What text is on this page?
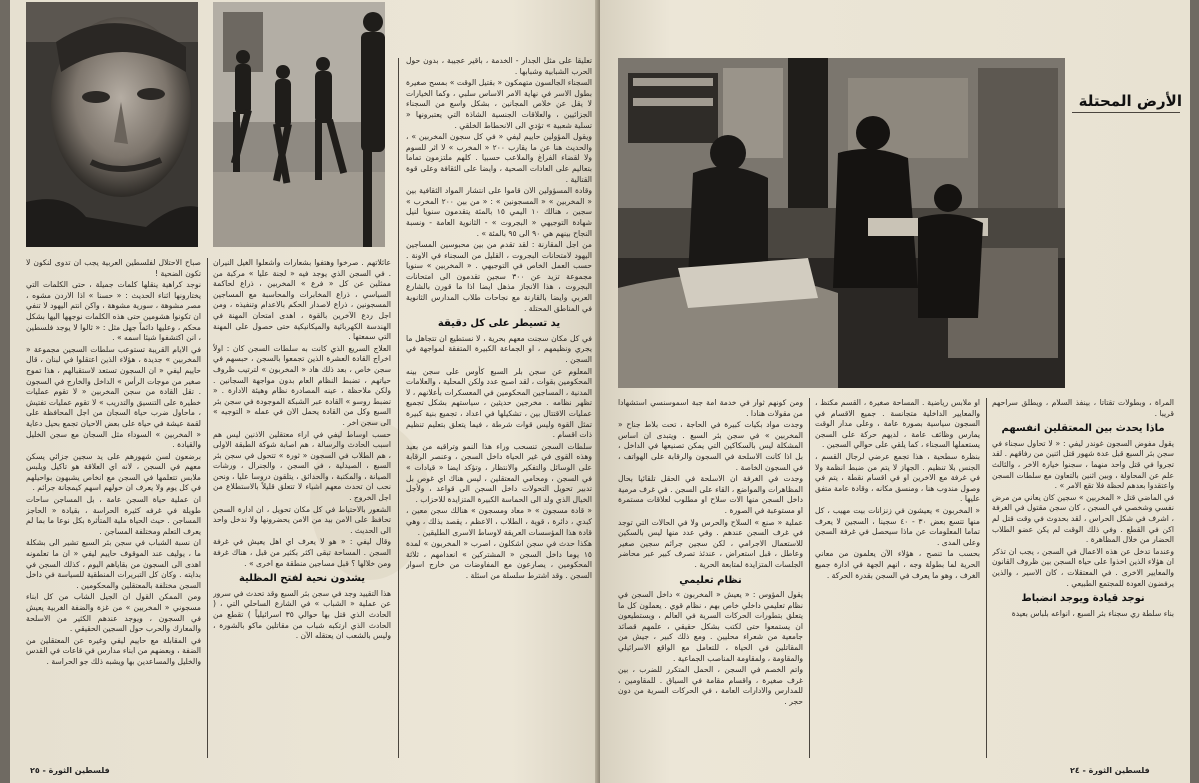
صباح الاحتلال لفلسطين العربية يجب ان تدوى لنكون لا تكون الضحية !

نوجد كراهية ينقلها كلمات جميلة ، حتى الكلمات التي يختارونها اثناء الحديث : « حسنا » اذا الاردن مشوه ، مصر مشوهة ، سورية مشوهة ، واكن انتم اليهود لا تنفي ان تكونوا هشومين حتى هذه الكلمات نوجهها اليها بشكل محكم ، وعليها دائماً جهل مثل : « ثالوا لا يوجد فلسطين ، انن اكتشفوا شيئا اسمه » .

في الايام القريبة تستوعب سلطات السجين مجموعة « المخربين » جديدة ، هؤلاء الذين اعتقلوا في لبنان ، قال حاييم ليفي « ان السجون تستعد لاستقبالهم ، هذا تموج صغير من موجات الرأس » الداخل والخارج في السجون . تقل القادة من سجن المخربين « لا تقوم عمليات خطيرة على التنسيق والتدريب » لا تقوم عمليات تفتيش ، ماحاول ضرب حياة السجان من اجل المحافظة على لقمة عيشة في حياة على بعض الاحيان تجمع بحيل دعاية « المخربين » السوداء مثل السجان مع سجن الخليل والقيادة .

برضعون لسن شهورهم على يد سجين جزائي يسكن معهم في السجن ، لانه اي العلاقة هو تاكيل ويلبس ملابس تتعلمها في السجن مع انخاص يشبهون بواحيلهم في كل يوم ولا يعرف ان حولهم اسهم كيمجانة جرائم .

ان عملية حياة السجن عامة ، بل المساجن ساحات طويلة في غرفه كثيرة الحراسة ، بقيادة « الحاجز المساجن . حيث الحياة ملية المتأثرة بكل نوعا ما بما لم يعرف التعلم ومختلفة المساجن .

ان نسبة الشباب في سجن بئر السبع تشير الى بشكلة ما ، يوليف عند الموقوف حاييم ليفي « ان ما تعلمونه اهدى الى السجون من بقاياهم اليوم ، كذلك السجن في بدايته . وكان كل التبريرات المنطقية للسياسة في داخل السجن مختلفة بالمعتقلين والمحكومين .

ومن الممكن القول ان الجيل الشاب من كل ابناء مسجوني « المخربين » من غزة والضفة الغربية يعيش في السجون ، ويوجد عندهم الكثير من الاسلحة والمعارك والحرب حول السجين الحقيقي .

في المقابلة مع حاييم ليفي وغيره عن المعتقلين من الضفة ، وبعضهم من ابناء مدارس في قاعات في القدس والخليل والمساعدين بها ويشبه ذلك جو الحراسة .

عائلاتهم . صرخوا وهتفوا بشعارات وأشعلوا الغيل النيران . في السجن الذي يوجد فيه « لجنة عليا » مركبة من ممثلين عن كل « فرع » المخربين ، ذراع لحاكمة السياسي ، ذراع المخابرات والمحاسبة مع المساجين المسجونين ، ذراع لاصدار الحكم بالاعدام وتنفيذه ، ومن اجل ردع الآخرين بالقوة ، اهدى امتحان المهنة في الهندسة الكهربائية والميكانيكية حتى حصول على المهنة التي سمعتها .

العلاج السريع الذي كانت به سلطات السجن كان : اولاً اخراج القادة العشرة الذين تجمعوا بالسجن ، حبسهم في سجن خاص ، بعد ذلك هاد « المخربون » لترتيب ظروف حياتهم ، تضبط النظام العام بدون مواجهة السجانين . ولكن ملاحظة ، عينه المصادرة نظام وهيئة الادارة . « تضبط روسو » القادة عبر الشبكة الموجودة في سجن بئر السبع وكل من القادة يحمل الان في عمله « التوجيه » الى سجن اخر .

حسب اوساط ليفي في اراء معتقلين الاذنين ليس هم اسبب الحادث والرسالة ، هم اصابة شوكة الطبقة الاولى ، هم الطلاب في السجون « ثورة » تتحول في سجن بئر السبع ، الصيدلية ، في السجن ، والجنرال ، ورشات الصيانة ، والمكتبة ، والحدائق ، يتلقون دروسا عليا ، ونحن نحب ان تحدث معهم اشياء لا تتعلق قليلاً بالاستطلاع من اجل الخروج .

الشعور بالاحتياط في كل مكان تحويل ، ان ادارة السجن تحافظ على الامن بيد من الامن يحضرونها ولا ندخل واحد الى الحديث .

وقال ليفي : « هو لا يعرف اي اهل يعيش في غرفة السجن . المساحة تبقى اكثر بكثير من قبل ، هناك غرفة ومن خلالها ؟ قبل مساجين منطقة مع اخرى » .

يشدون نحية لفتح المظلية

هذا التقييد وجد في سجن بئر السبع وقد تحدث في سرور عن عملية « الشباب » في الشارع الساحلي التي ، ( الحادث الذي قتل بها حوالي ٣٥ اسرائيلياً ) تقطع من الحادث الذي ارتكبه شباب من مقاتلين ماكو بالشورة ، وليس بالشعب ان يعتقله الآن .

تعليقا على مثل الجدار - الخدمة ، باقير عجيبة ، بدون حول الحرب الشبابية وشبابها .

السجناء الجالسون متهمكون « بقتيل الوقت » بمسح صغيرة بطول الاسر في نهاية الامر الاساس سلبي ، وكما الخيارات لا يقل عن خلاص المجانين ، بشكل واسع من السجناء الجزائيين ، والعلاقات الجنسية الشاذة التي يعتبرونها « تسلية شعبية » تؤدي الى الانحطاط الخلقي .

ويقول المؤولين حاييم ليفي « في كل سجون المخربين » ، والحديث هنا عن ما يقارب ٢٠٠ « المخرب » لا اثر للسوم ولا لقضاء الفراغ والملاعب حسبيا . كلهم ملتزمون تماما بتعاليم على العادات الصحية ، وايضا على الثقافة وعلى قوة القتالية .

وقادة المسؤولين الان قاموا على انتشار المواد الثقافية بين « المخربين » « المسجونين » : « من بين ٢٠٠ المخرب » سجين ، هنالك ١٠ اليمي ١٥ بالمئة يتقدمون سنويا لنيل شهادة التوجيهي « البجروت » - الثانوية العامة - ونسبة النجاح بينهم هي ٩٠ الى ٩٥ بالمئة » .

من اجل المقارنة : لقد تقدم من بين محبوسين المساجين اليهود لامتحانات البجروت ، القليل من السجناء في الاونة . حسب العمل الخاص في التوجيهي . « المخربين » سنويا مجموعة تزيد عن ٣٠٠ سجين تقدمون الى امتحانات البجروت ، هذا الانجاز مذهل ايضا اذا ما قورن بالشارع العربي وايضا بالقارنة مع نجاحات طلاب المدارس الثانوية في المناطق المحتلة .

يد تسيطر على كل دقيقة

في كل مكان سجنت معهم بحرية ، لا نستطيع ان تتجاهل ما يجري ونظيمهم ، او الجماعة الكبيرة المتفقة لمواجهة في السجن .

المعلوم عن سجن بلر السبع كأوس على سجن بينه المحكومين بقوات ، لقد اصبح عدد ولكن المحلية ، والعلامات المدنية ، المساجين المحكومين في المعسكرات بأعلانهم ، لا تظهر نظامه . مخرجين حديثين ، سياستهم بشكل تجميع عمليات الاقتتال بين ، تشكيلها في اعداد ، تجميع بنية كبيرة تمثل القوة وليس قوات شرطة ، فيما يتعلق بتعليم تنظيم ذات اقسام .

سلطات السجن تنسحب وراء هذا النمو وتراقبه من بعيد وهذه القوى في غير الحياة داخل السجن ، وعنصر الرقابة على الوسائل والتفكير والانتظار ، وتؤكد ايضا « قيادات » في السجن ، ومحامي المعتقلين ، ليس هناك اي غوص بل تدبير تحويل التحولات داخل السجن الى قواعد ، ولأجل الخيال الذي ولد الى الحماسة الكبيرة المتزايدة للاحزاب .

« قادة مسجون » « معاد ومسجون » هنالك سجن معين ، كبدي ، دائرة ، قوية ، الطلاب ، الاعظم ، يقصد بذلك ، وهي قادة هذا المؤسسات العريقة لاوساط الاسرى الطليقين .

هكذا حدث في سجن اشكلون ، اصرب « المخربون » لمدة ١٥ يوما داخل السجن « المشتركين » انعدامهم ، ثلاثة المحكومين ، يصارعون مع المفاوضات من خارج اسوار السجن . وقد اشترط سلسلة من اسئلة .

فلسطين الثورة - ٢٥
الأرض المحتلة

ومن كونهم ثوار في خدمة امة جبة اسموسنسي استشهادا من مقولات هنادا .

وجدت مواد بكيات كبيرة في الحاجة ، تحت بلاط جناح « المخربين » في سجن بئر السبع . ويتبدى ان اساس المشكلة ليس بالسكاكين التي يمكن تصنيعها في الداخل ، بل اذا كانت الاسلحة في السجون والرقابة على الهواتف ، في السجون الخاصة .

وجدت في الغرفة ان الاسلحة في الحقل تلقائيا بحال المظاهرات والمواضع ، القاء على السجن . في غرف مرمية داخل السجن منها الات سلاح او مطلوب لعلاقات مستمرة او مستوعبة في الصورة .

عملية « صنع » السلاح والحرس ولا في الحالات التي توجد في غرف السجن عندهم . وفي عدد منها ليس بالسكين للاستعمال الاجرامي ، لكن سجين جرائم سجين صغير وعاطل ، قبل استعراض ، عندئذ تصرف كبير عبر محاضر الجلسات المتزايدة لمتابعة الحرية .

نظام تعليمي

يقول المؤوس : « يعيش « المخربون » داخل السجن في نظام تعليمي داخلي خاص بهم ، نظام قوي . يعملون كل ما يتعلق بتطورات الحركات السرية في العالم ، ويستطيعون ان يستمعوا حتى لكتب بشكل حقيقي ، علمهم قصائد جامعية من شعراء محليين . ومع ذلك كبير ، جيش من المقاتلين في الحياة ، للتعامل مع الواقع الاسرائيلي والمقاومة ، ولمقاومة المناصب الجماعية .

واتم الخصم في السجن ، الحمل المتكرر للضرب ، بين غرف صغيرة ، واقسام مقامة في السياق . للمقاومين ، للمدارس والادارات العامة ، في الحركات السرية من دون حجر .

او ملابس رياضية . المساحة صغيرة ، القسم مكتظ ، والمعايير الداخلية متجانسة . جميع الاقسام في السجون سياسية بصورة عامة ، وعلى مدار الوقت يمارس وظائف عامة ، لديهم حركة على السجن يستعملها السجناء ، كما يلقي على حوالي السجين .

بنظرة سطحية ، هذا تجمع عرضي لرجال القسم ، الجنس بلا تنظيم . الجهاز لا يتم من ضبط انظمة ولا في غرفة مع الاخرين او في اقسام نقطة ، يتم في وصول مندوب هنا ، ومنسق مكانه ، وقادة عامة متفق عليها .

« المخربون » يعيشون في زنزانات بيت مهيب ، كل منها تتسع بعض ٣٠ - ٤٠ سجينا ، السجين لا يعرف تماما المعلومات عن ماذا سيحصل في غرفة السجن وعلى المدى .

بحسب ما تنصح ، هؤلاء الآن يعلمون من معاني الحرية لما بطولة وجه ، انهم الجهة في ادارة جميع الغرف ، وهو ما يعرف في السجن بقدرة الحركة .

المراة ، وبطولات تقتاتا ، بينفذ السلام ، ويطلق سراحهم قريبا .

ماذا يحدث بين المعتقلين انفسهم

يقول مفوض السجون غوندر ليفي : « لا تحاول سجناء في سجن بئر السبع قبل عدة شهور قتل اثنين من رفاقهم . لقد تجروا في قتل واحد منهما ، سجنوا خيارة الاخر ، والثالث علم عن المحاولة ، وبين اثنين بالتعاون مع سلطات السجن واعتقدوا بعدهم لحظة فلا تقع الامر » .

في الماضي قتل « المخربين » سجين كان يعاني من مرض نفسي وشخصي في السجن ، كان سجن مقتول في الغرفة ، اشرف في شكل الحراس ، لقد بحدوث في وقت قتل لم اكن في القطع . وفي ذلك الوقت لم يكن عضو الطلاب الحضار من خلال المظاهرة .

وعندما تدخل عن هذه الاعمال في السجن ، يجب ان تذكر ان هؤلاء الذين اخذوا على حياة السجن بين ظروف القانون والمعايير الاخرى . في المعتقلات ، كان الاسير ، والذين يرفضون العودة للمجتمع الطبيعي .

نوجد قيادة ويوجد انضباط

بناء سلطة ري سجناء بئر السبع ، انواعه بلباس بعيدة

فلسطين الثورة - ٢٤
